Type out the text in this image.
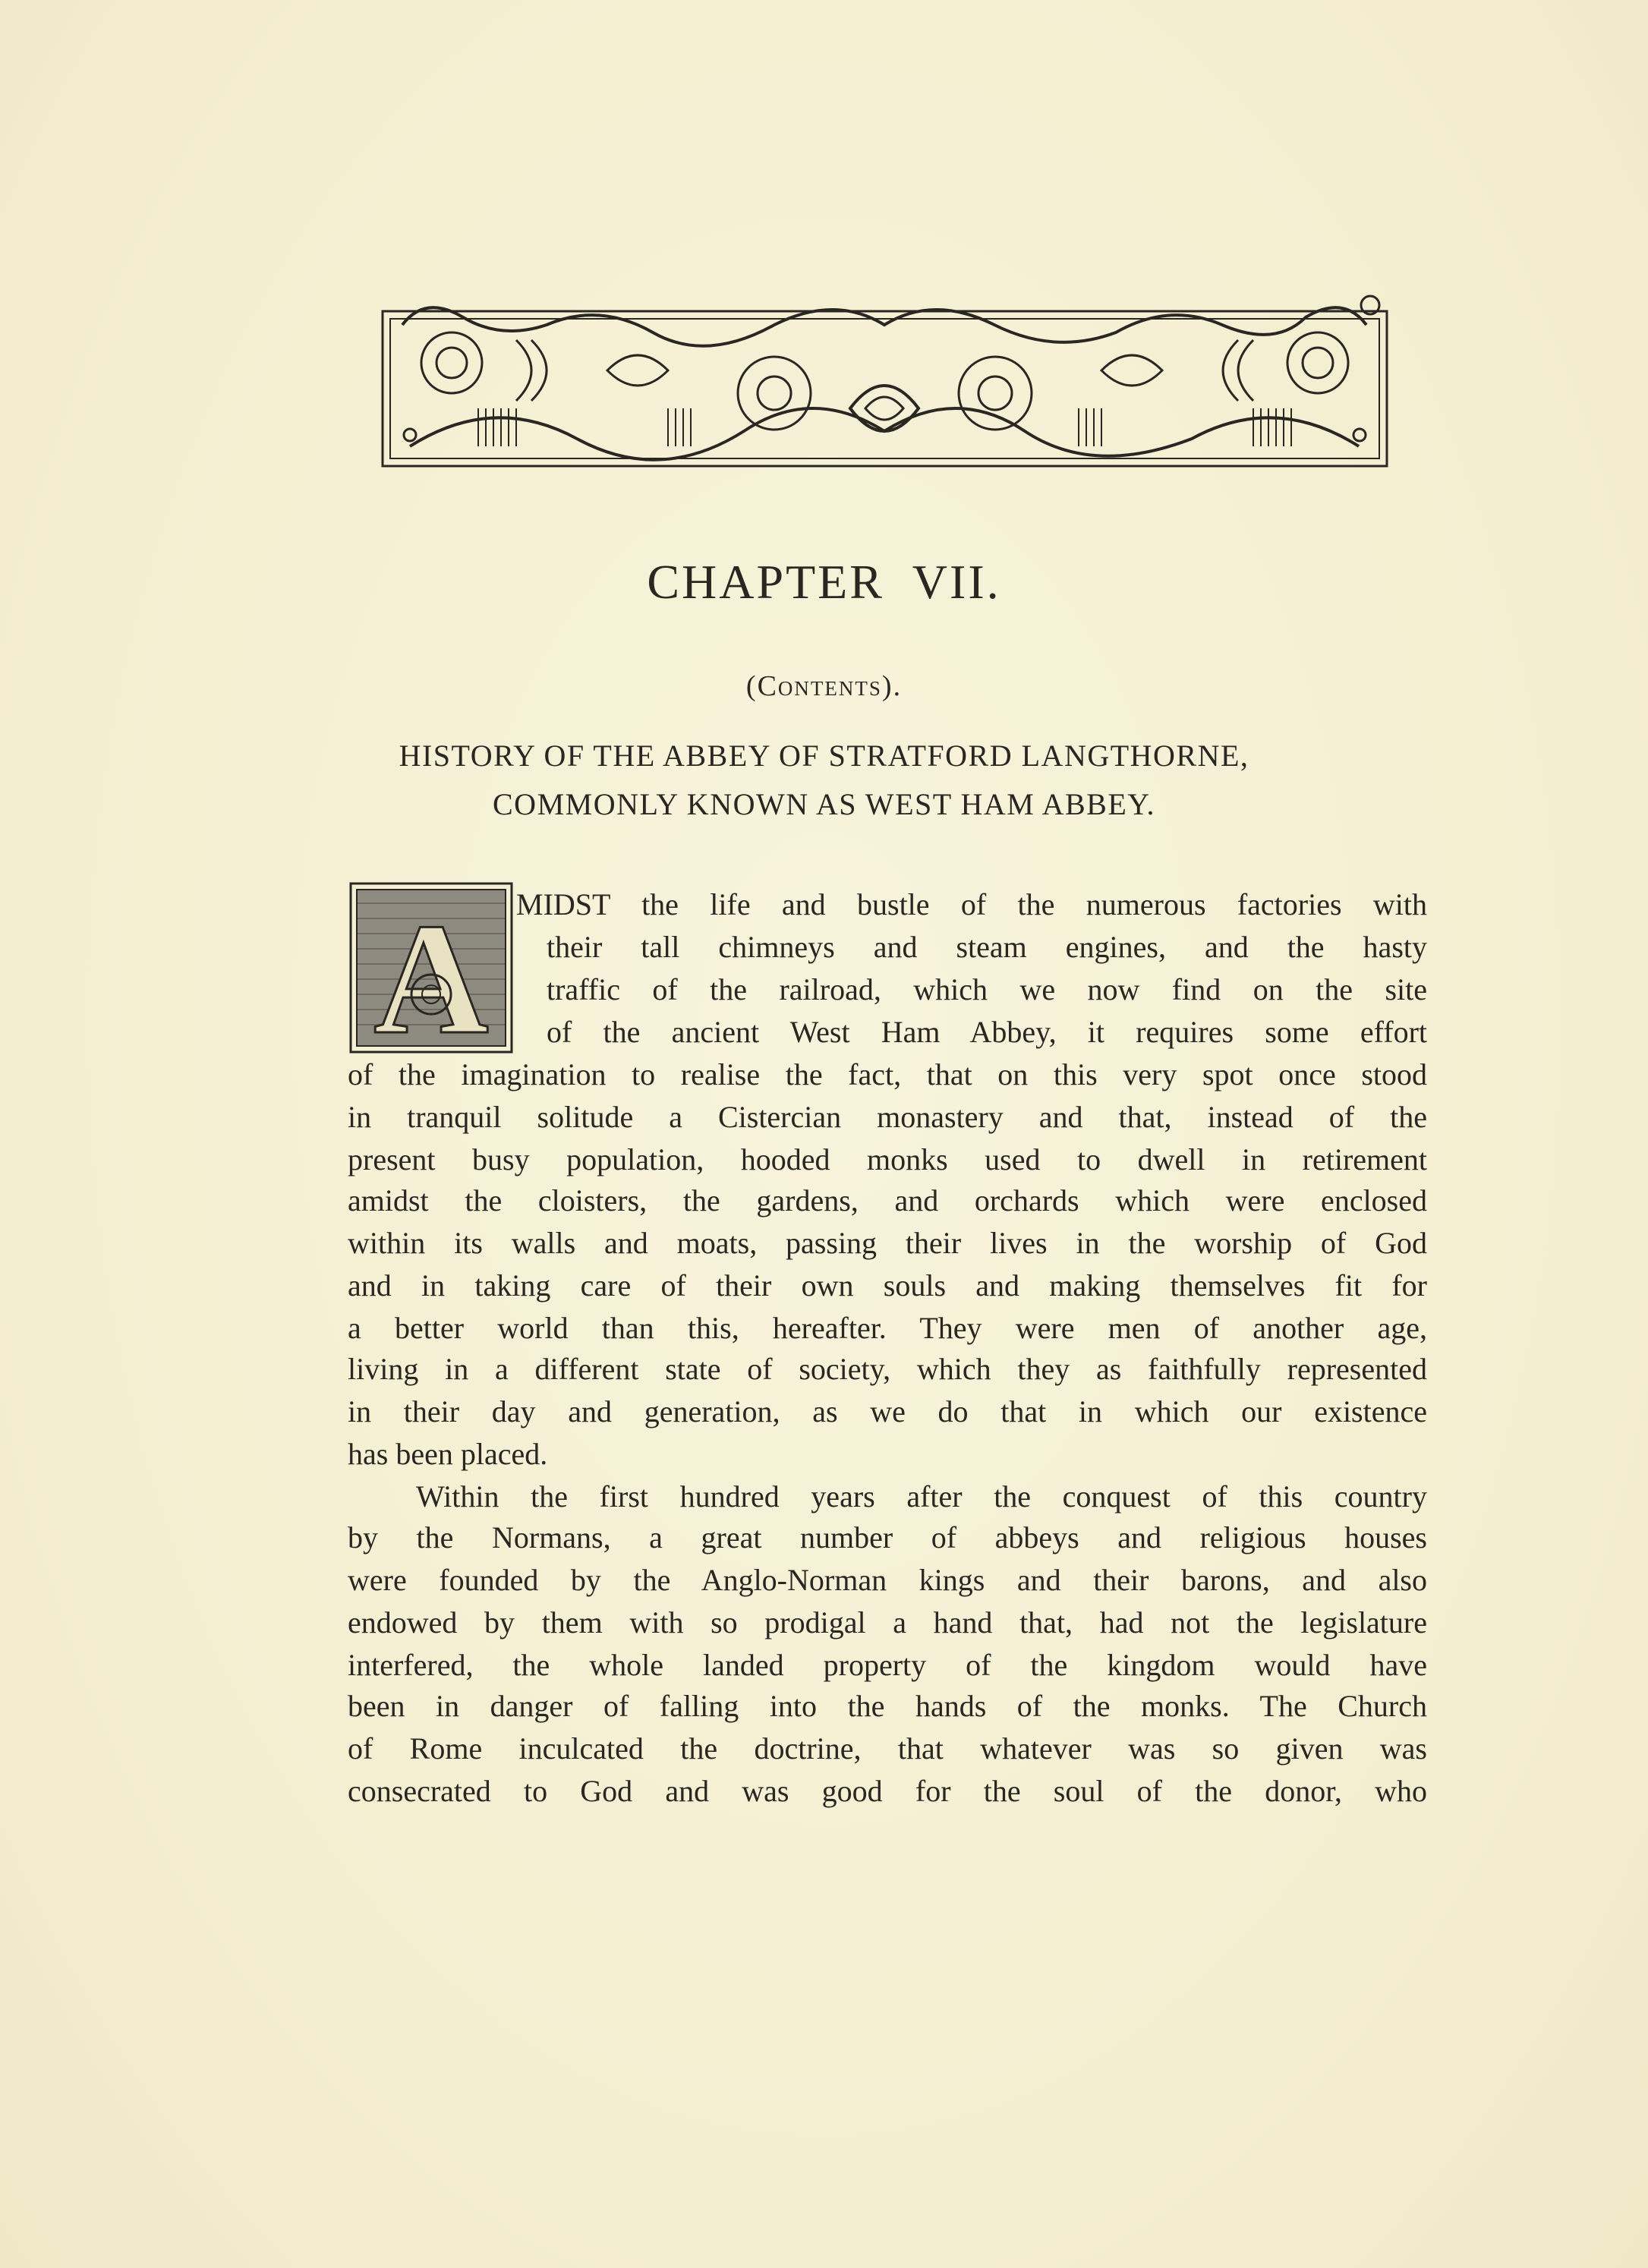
CHAPTER  VII.
(Contents).
HISTORY OF THE ABBEY OF STRATFORD LANGTHORNE,
COMMONLY KNOWN AS WEST HAM ABBEY.
A MIDST the life and bustle of the numerous factories with

their tall chimneys and steam engines, and the hasty

traffic of the railroad, which we now find on the site

of the ancient West Ham Abbey, it requires some effort

of the imagination to realise the fact, that on this very spot once stood

in tranquil solitude a Cistercian monastery and that, instead of the

present busy population, hooded monks used to dwell in retirement

amidst the cloisters, the gardens, and orchards which were enclosed

within its walls and moats, passing their lives in the worship of God

and in taking care of their own souls and making themselves fit for

a better world than this, hereafter. They were men of another age,

living in a different state of society, which they as faithfully represented

in their day and generation, as we do that in which our existence

has been placed.

Within the first hundred years after the conquest of this country

by the Normans, a great number of abbeys and religious houses

were founded by the Anglo-Norman kings and their barons, and also

endowed by them with so prodigal a hand that, had not the legislature

interfered, the whole landed property of the kingdom would have

been in danger of falling into the hands of the monks. The Church

of Rome inculcated the doctrine, that whatever was so given was

consecrated to God and was good for the soul of the donor, who
